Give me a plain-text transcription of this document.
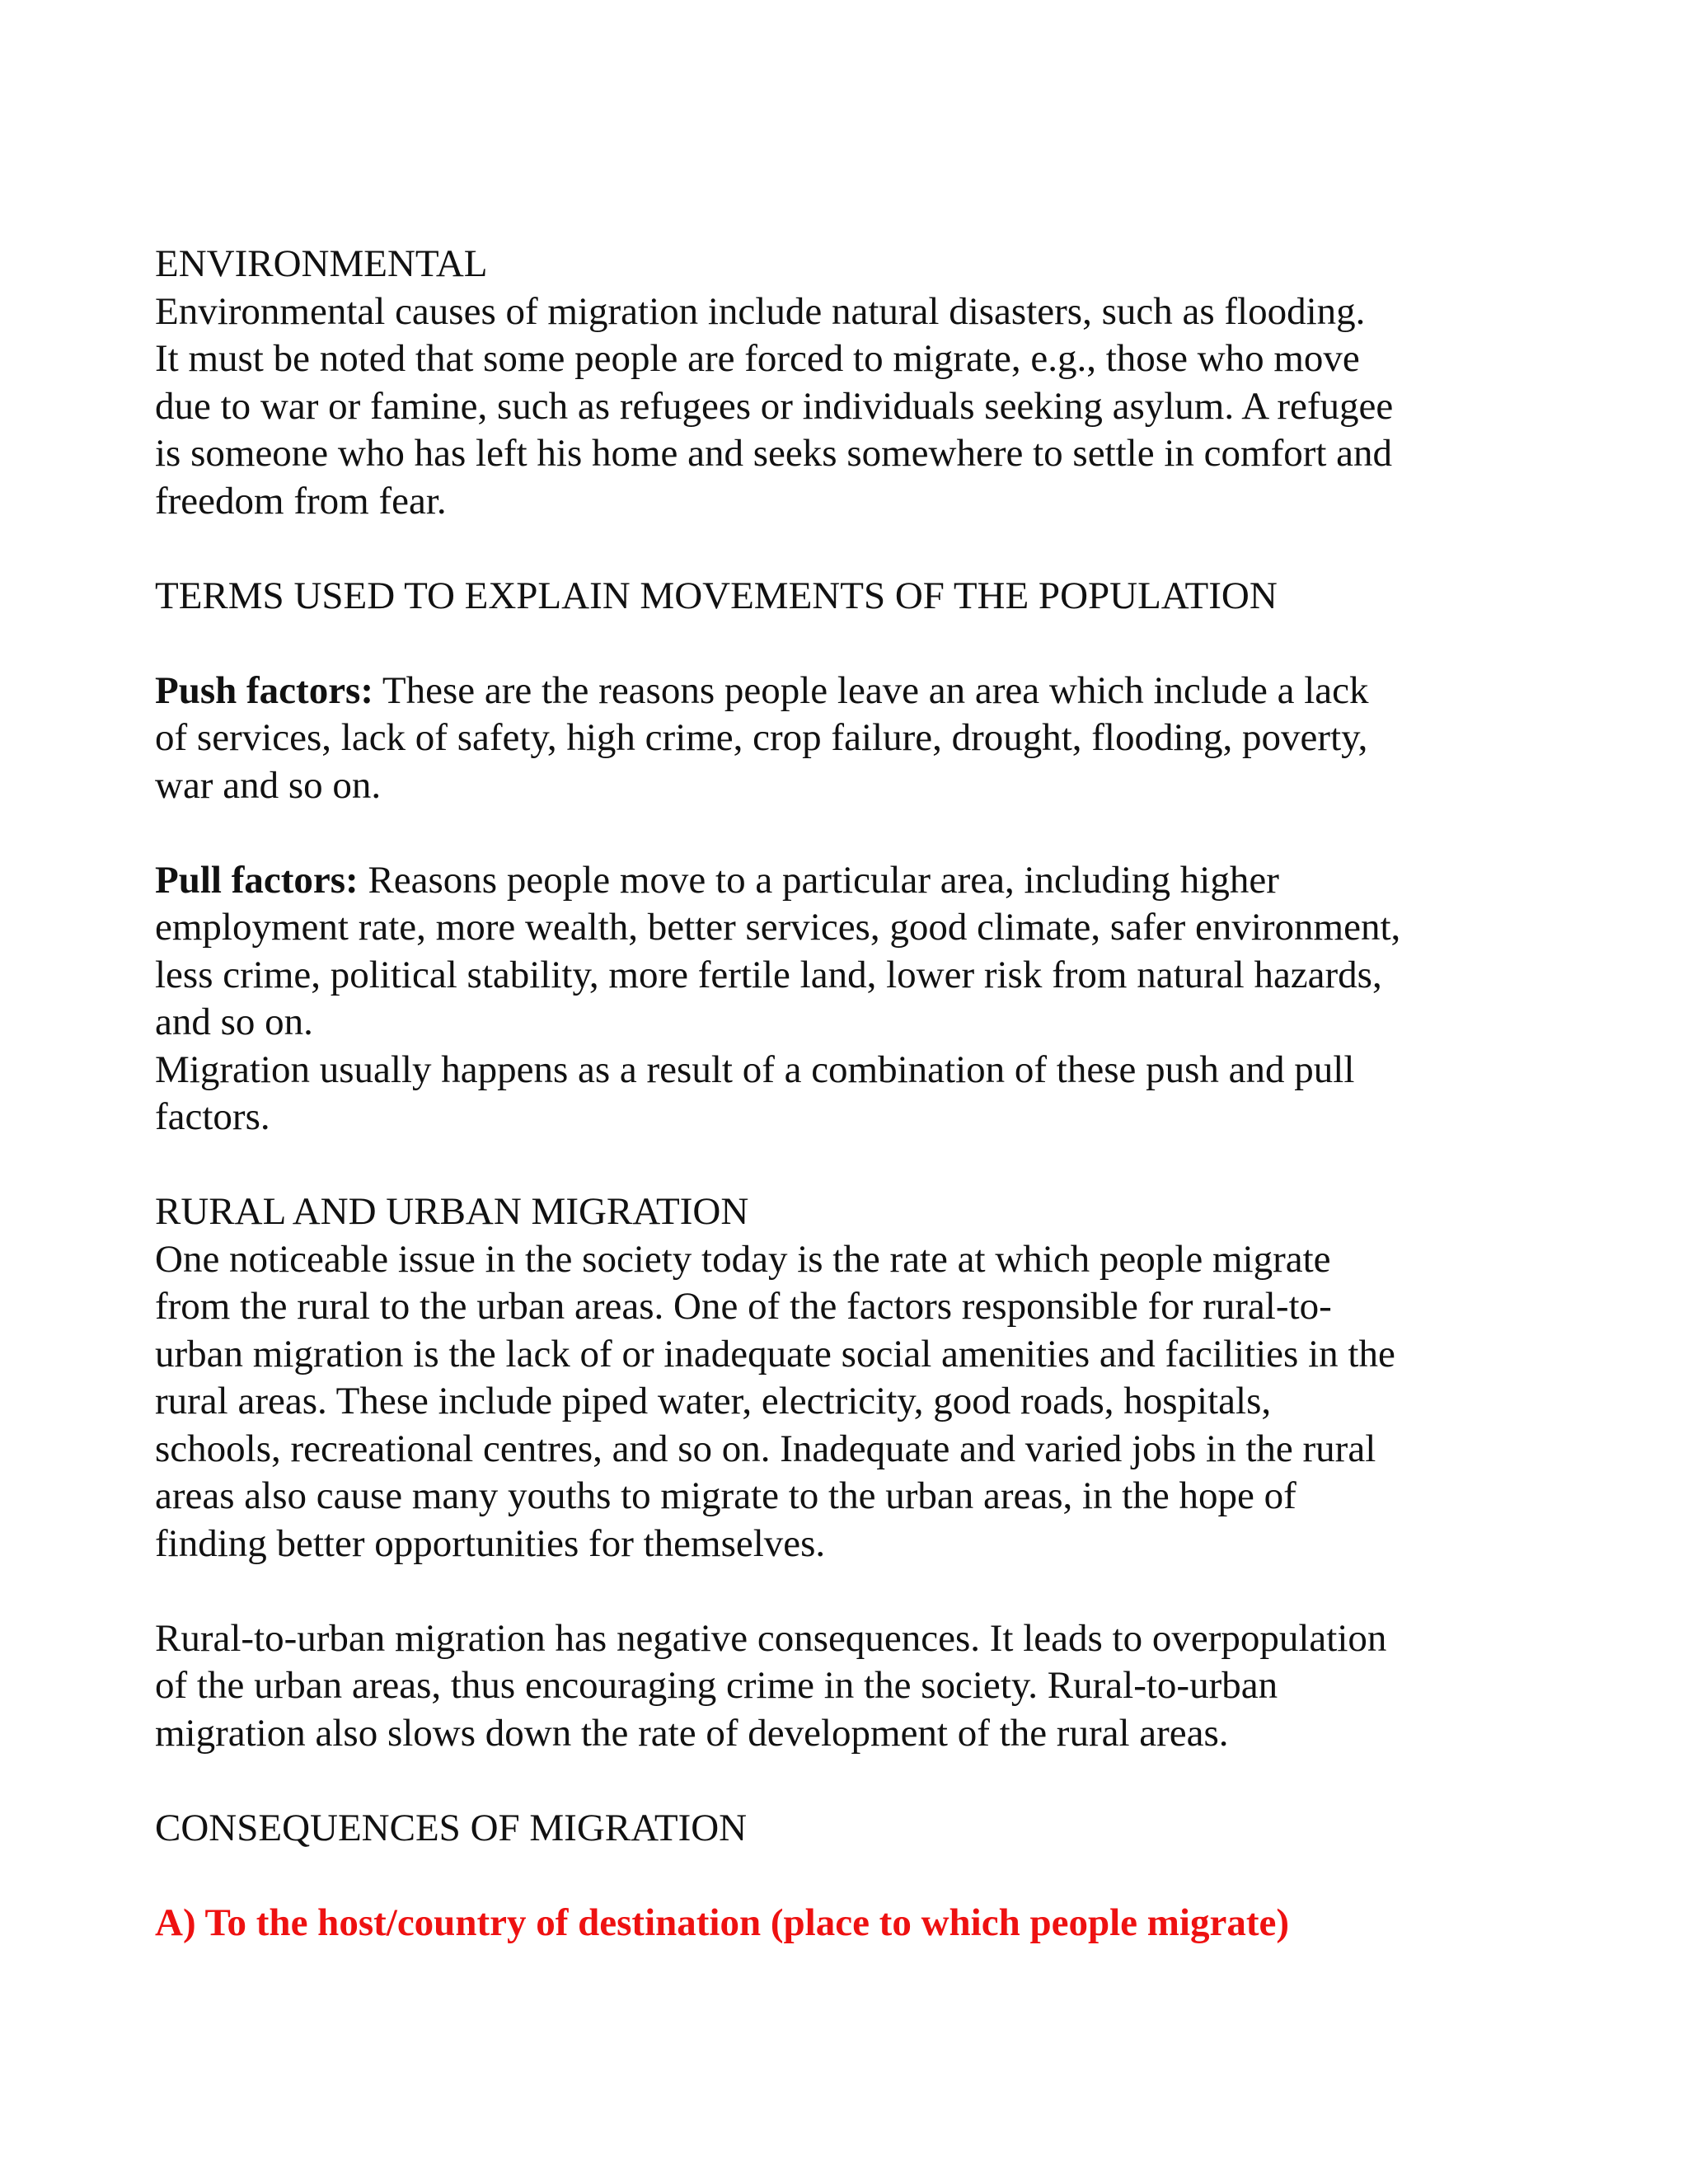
ENVIRONMENTAL
Environmental causes of migration include natural disasters, such as flooding.
It must be noted that some people are forced to migrate, e.g., those who move
due to war or famine, such as refugees or individuals seeking asylum. A refugee
is someone who has left his home and seeks somewhere to settle in comfort and
freedom from fear.
TERMS USED TO EXPLAIN MOVEMENTS OF THE POPULATION
Push factors: These are the reasons people leave an area which include a lack
of services, lack of safety, high crime, crop failure, drought, flooding, poverty,
war and so on.
Pull factors: Reasons people move to a particular area, including higher
employment rate, more wealth, better services, good climate, safer environment,
less crime, political stability, more fertile land, lower risk from natural hazards,
and so on.
Migration usually happens as a result of a combination of these push and pull
factors.
RURAL AND URBAN MIGRATION
One noticeable issue in the society today is the rate at which people migrate
from the rural to the urban areas. One of the factors responsible for rural-to-
urban migration is the lack of or inadequate social amenities and facilities in the
rural areas. These include piped water, electricity, good roads, hospitals,
schools, recreational centres, and so on. Inadequate and varied jobs in the rural
areas also cause many youths to migrate to the urban areas, in the hope of
finding better opportunities for themselves.
Rural-to-urban migration has negative consequences. It leads to overpopulation
of the urban areas, thus encouraging crime in the society. Rural-to-urban
migration also slows down the rate of development of the rural areas.
CONSEQUENCES OF MIGRATION
A) To the host/country of destination (place to which people migrate)
